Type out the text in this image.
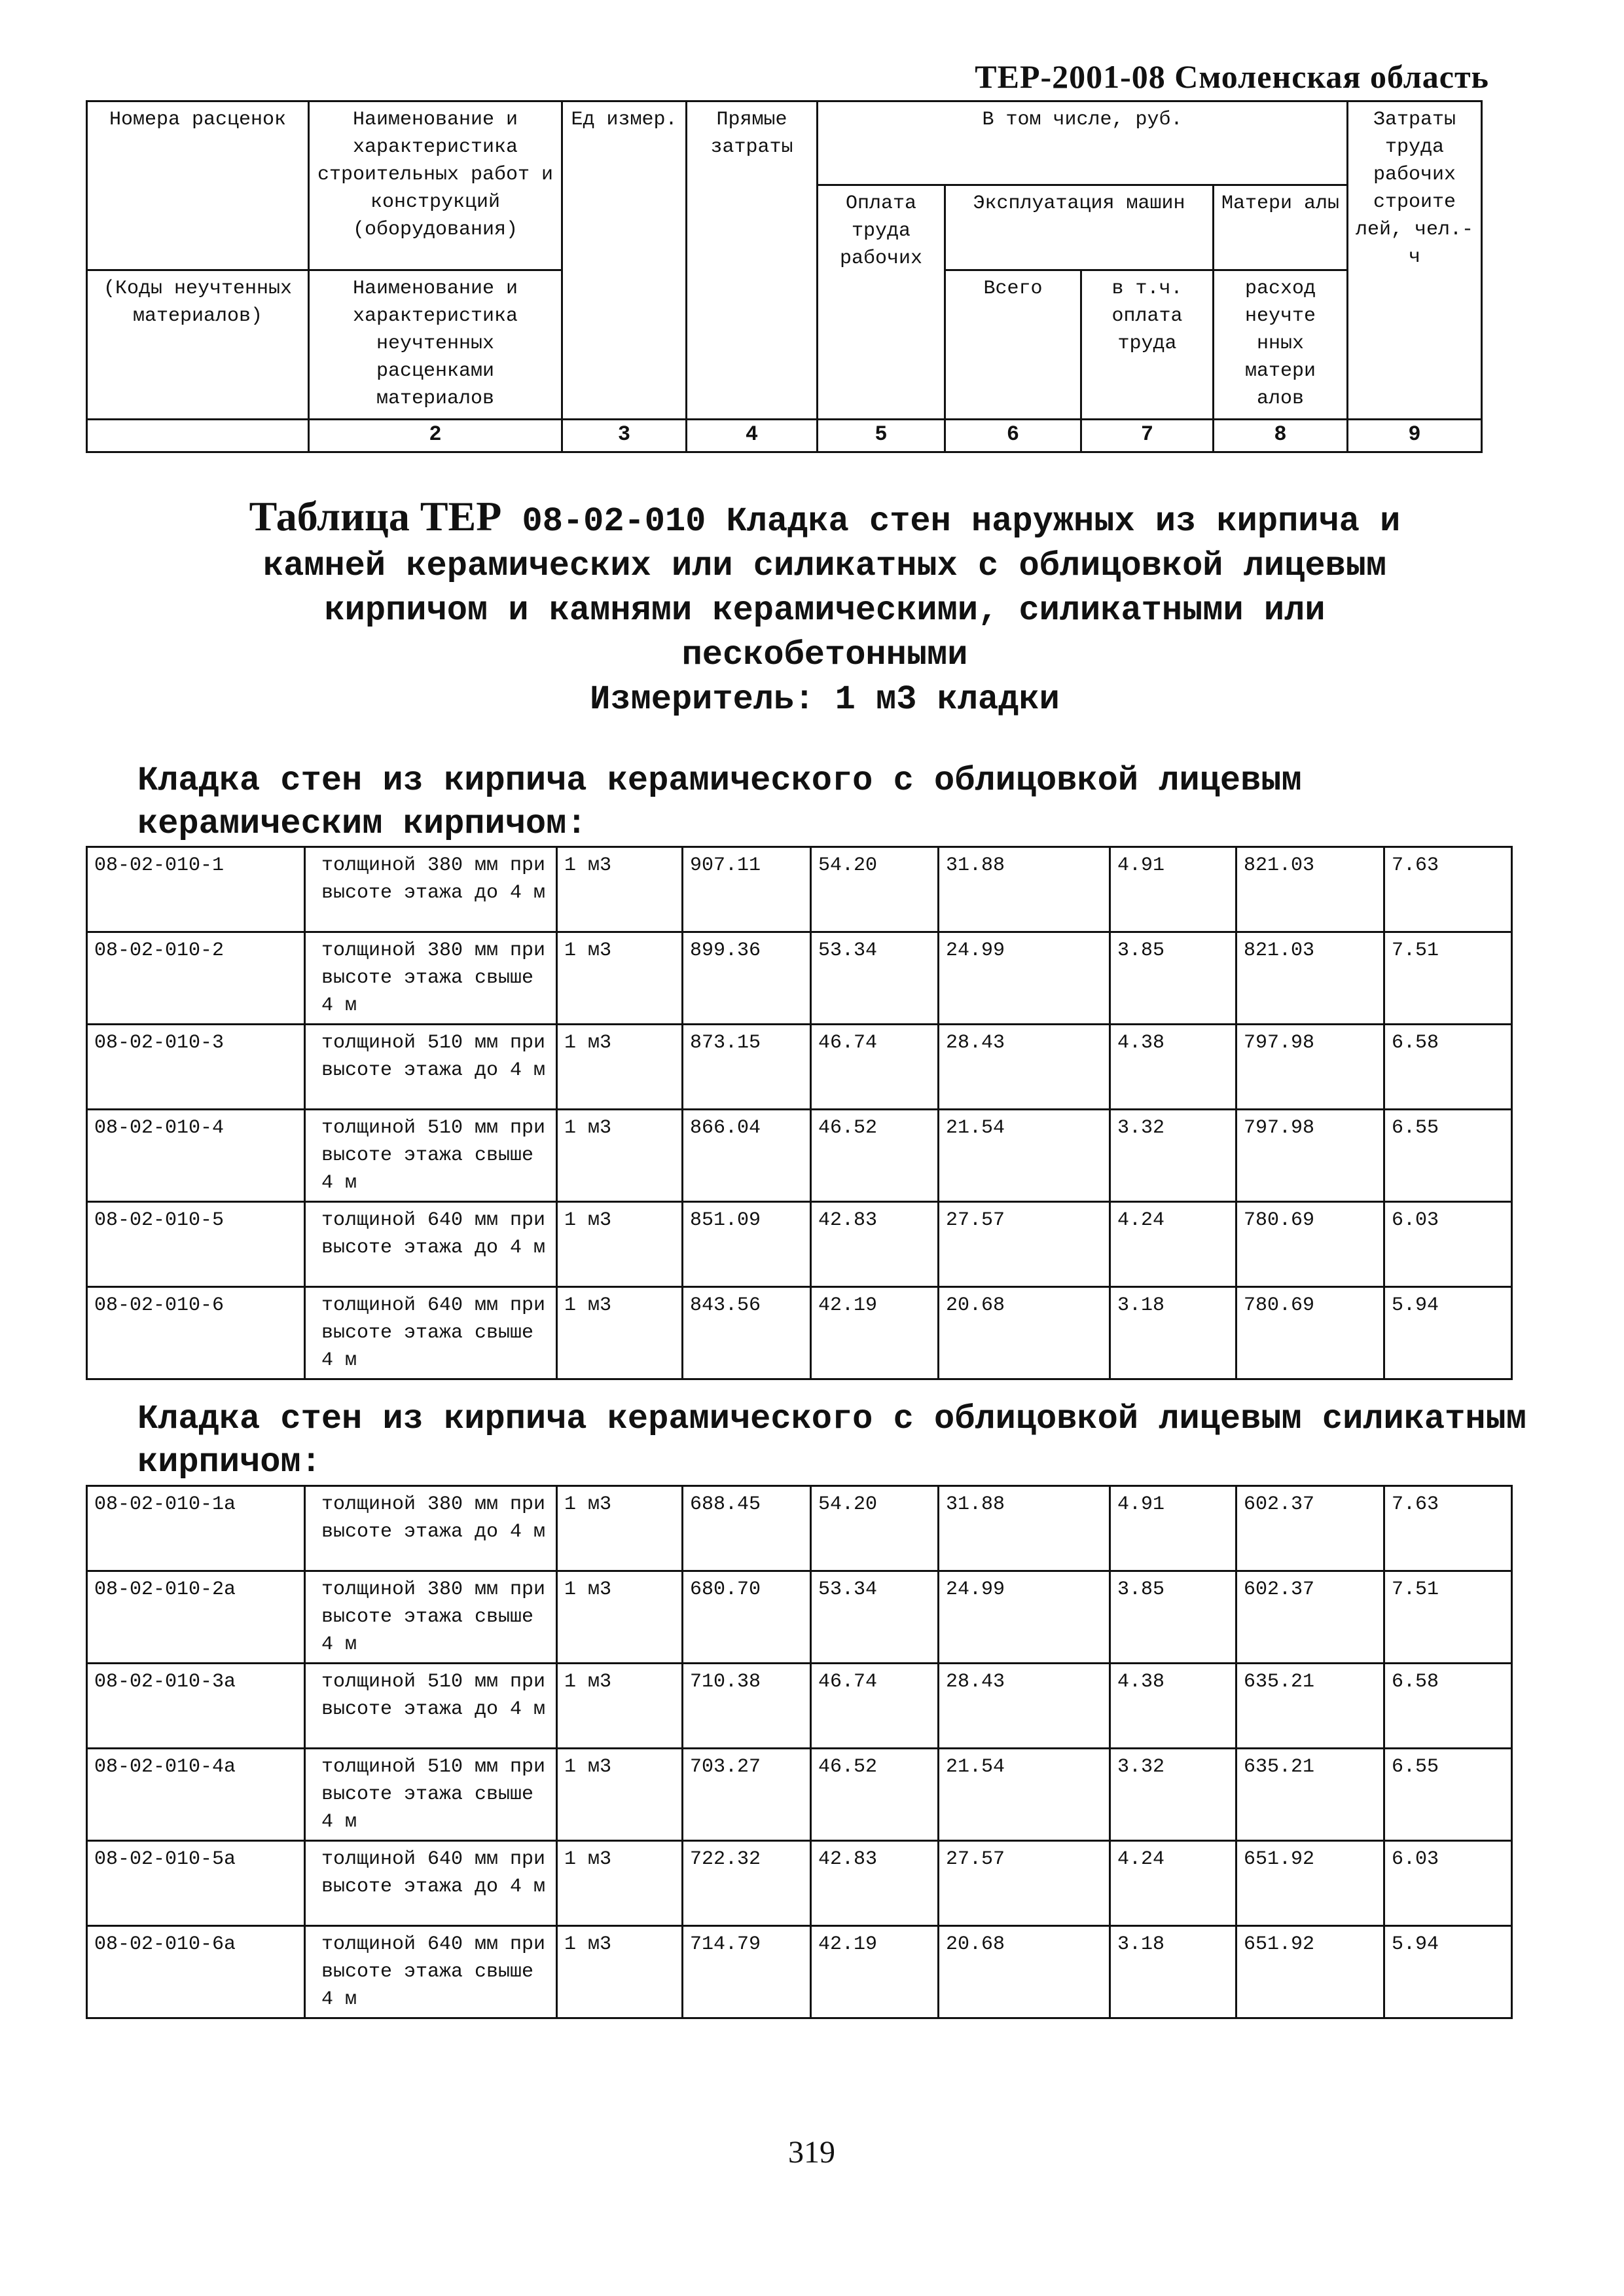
ТЕР-2001-08 Смоленская область
Номера расценок	Наименование и характеристика строительных работ и конструкций (оборудования)	Ед измер.	Прямые затраты	В том числе, руб.				Затраты труда рабочих строите лей, чел.-ч
				Оплата труда рабочих	Эксплуатация машин		Матери алы	
(Коды неучтенных материалов)	Наименование и характеристика неучтенных расценками материалов				Всего	в т.ч. оплата труда	расход неучте нных матери алов	
	2	3	4	5	6	7	8	9
Таблица ТЕР 08-02-010 Кладка стен наружных из кирпича и
камней керамических или силикатных с облицовкой лицевым
кирпичом и камнями керамическими, силикатными или
пескобетонными
Измеритель: 1 м3 кладки
Кладка стен из кирпича керамического с облицовкой лицевым керамическим кирпичом:
08-02-010-1	толщиной 380 мм при высоте этажа до 4 м	1 м3	907.11	54.20	31.88	4.91	821.03	7.63
08-02-010-2	толщиной 380 мм при высоте этажа свыше 4 м	1 м3	899.36	53.34	24.99	3.85	821.03	7.51
08-02-010-3	толщиной 510 мм при высоте этажа до 4 м	1 м3	873.15	46.74	28.43	4.38	797.98	6.58
08-02-010-4	толщиной 510 мм при высоте этажа свыше 4 м	1 м3	866.04	46.52	21.54	3.32	797.98	6.55
08-02-010-5	толщиной 640 мм при высоте этажа до 4 м	1 м3	851.09	42.83	27.57	4.24	780.69	6.03
08-02-010-6	толщиной 640 мм при высоте этажа свыше 4 м	1 м3	843.56	42.19	20.68	3.18	780.69	5.94
Кладка стен из кирпича керамического с облицовкой лицевым силикатным кирпичом:
08-02-010-1а	толщиной 380 мм при высоте этажа до 4 м	1 м3	688.45	54.20	31.88	4.91	602.37	7.63
08-02-010-2а	толщиной 380 мм при высоте этажа свыше 4 м	1 м3	680.70	53.34	24.99	3.85	602.37	7.51
08-02-010-3а	толщиной 510 мм при высоте этажа до 4 м	1 м3	710.38	46.74	28.43	4.38	635.21	6.58
08-02-010-4а	толщиной 510 мм при высоте этажа свыше 4 м	1 м3	703.27	46.52	21.54	3.32	635.21	6.55
08-02-010-5а	толщиной 640 мм при высоте этажа до 4 м	1 м3	722.32	42.83	27.57	4.24	651.92	6.03
08-02-010-6а	толщиной 640 мм при высоте этажа свыше 4 м	1 м3	714.79	42.19	20.68	3.18	651.92	5.94
319
